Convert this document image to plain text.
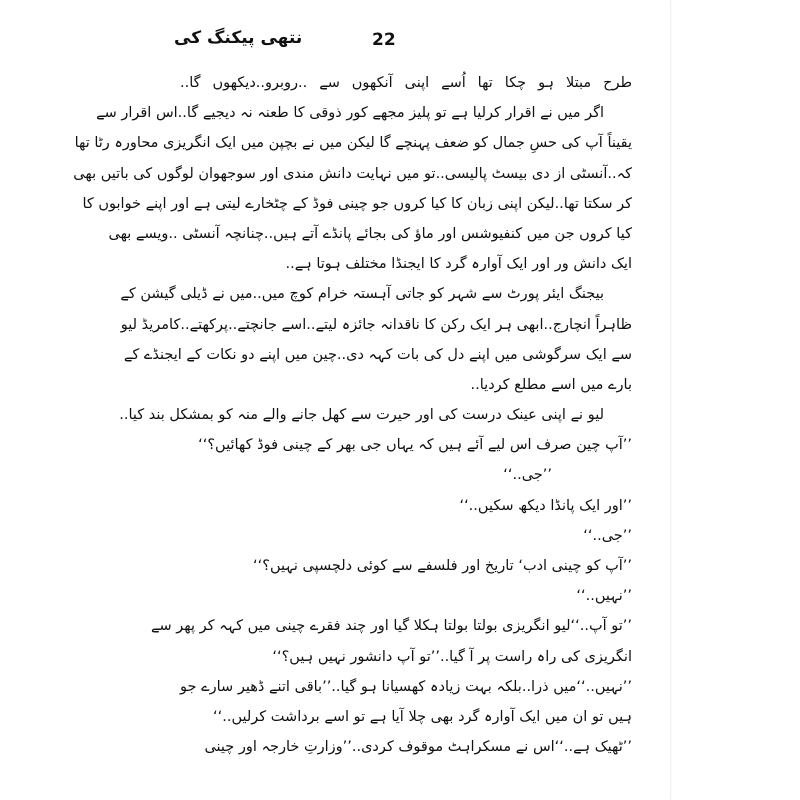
نتھی پیکنگ کی	22
طرح مبتلا ہو چکا تھا اُسے اپنی آنکھوں سے ..روبرو..دیکھوں گا..
اگر میں نے اقرار کرلیا ہے تو پلیز مجھے کور ذوقی کا طعنہ نہ دیجیے گا..اس اقرار سے
یقیناً آپ کی حسِ جمال کو ضعف پہنچے گا لیکن میں نے بچپن میں ایک انگریزی محاورہ رٹا تھا
کہ..آنسٹی از دی بیسٹ پالیسی..تو میں نہایت دانش مندی اور سوجھوان لوگوں کی باتیں بھی
کر سکتا تھا..لیکن اپنی زبان کا کیا کروں جو چینی فوڈ کے چٹخارے لیتی ہے اور اپنے خوابوں کا
کیا کروں جن میں کنفیوشس اور ماؤ کی بجائے پانڈے آتے ہیں..چنانچہ آنسٹی ..ویسے بھی
ایک دانش ور اور ایک آوارہ گرد کا ایجنڈا مختلف ہوتا ہے..
بیجنگ ایئر پورٹ سے شہر کو جاتی آہستہ خرام کوچ میں..میں نے ڈیلی گیشن کے
ظاہراً انچارج..ابھی ہر ایک رکن کا ناقدانہ جائزہ لیتے..اسے جانچتے..پرکھتے..کامریڈ لیو
سے ایک سرگوشی میں اپنے دل کی بات کہہ دی..چین میں اپنے دو نکات کے ایجنڈے کے
بارے میں اسے مطلع کردیا..
لیو نے اپنی عینک درست کی اور حیرت سے کھل جانے والے منہ کو بمشکل بند کیا..
’’آپ چین صرف اس لیے آئے ہیں کہ یہاں جی بھر کے چینی فوڈ کھائیں؟‘‘
’’جی..‘‘
’’اور ایک پانڈا دیکھ سکیں..‘‘
’’جی..‘‘
’’آپ کو چینی ادب‘ تاریخ اور فلسفے سے کوئی دلچسپی نہیں؟‘‘
’’نہیں..‘‘
’’تو آپ..‘‘لیو انگریزی بولتا بولتا ہکلا گیا اور چند فقرے چینی میں کہہ کر پھر سے
انگریزی کی راہ راست پر آ گیا..’’تو آپ دانشور نہیں ہیں؟‘‘
’’نہیں..‘‘میں ذرا..بلکہ بہت زیادہ کھسیانا ہو گیا..’’باقی اتنے ڈھیر سارے جو
ہیں تو ان میں ایک آوارہ گرد بھی چلا آیا ہے تو اسے برداشت کرلیں..‘‘
’’ٹھیک ہے..‘‘اس نے مسکراہٹ موقوف کردی..’’وزارتِ خارجہ اور چینی
